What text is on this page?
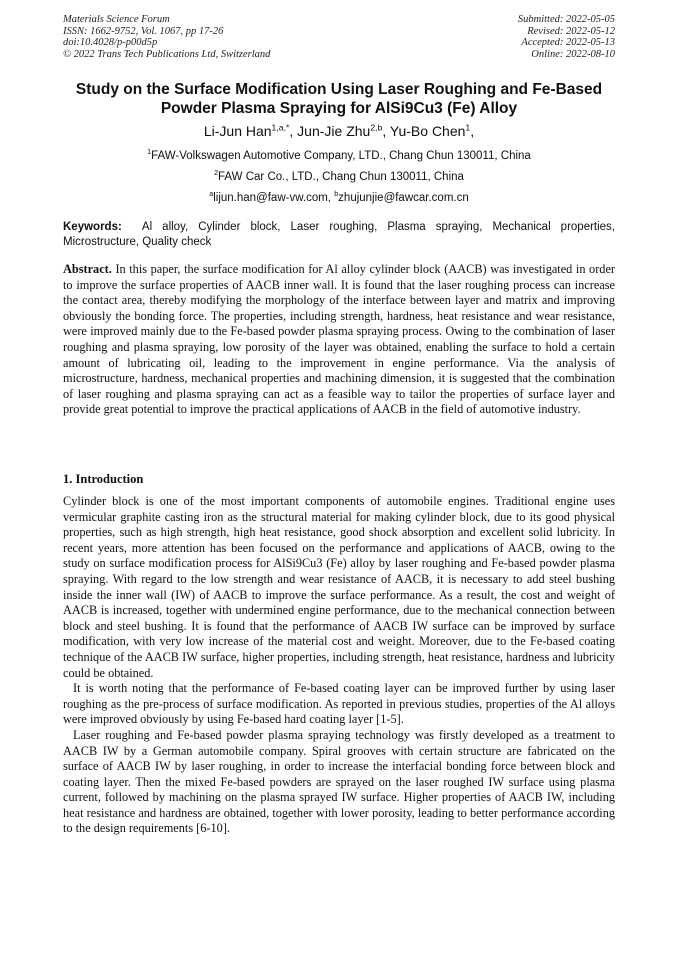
Materials Science Forum
ISSN: 1662-9752, Vol. 1067, pp 17-26
doi:10.4028/p-p00d5p
© 2022 Trans Tech Publications Ltd, Switzerland
Submitted: 2022-05-05
Revised: 2022-05-12
Accepted: 2022-05-13
Online: 2022-08-10
Study on the Surface Modification Using Laser Roughing and Fe-Based
Powder Plasma Spraying for AlSi9Cu3 (Fe) Alloy
Li-Jun Han$^{1,a,*}$, Jun-Jie Zhu$^{2,b}$, Yu-Bo Chen$^1$,
$^1$FAW-Volkswagen Automotive Company, LTD., Chang Chun 130011, China
$^2$FAW Car Co., LTD., Chang Chun 130011, China
$^a$lijun.han@faw-vw.com, $^b$zhujunjie@fawcar.com.cn
Keywords: Al alloy, Cylinder block, Laser roughing, Plasma spraying, Mechanical properties, Microstructure, Quality check
Abstract. In this paper, the surface modification for Al alloy cylinder block (AACB) was investigated in order to improve the surface properties of AACB inner wall. It is found that the laser roughing process can increase the contact area, thereby modifying the morphology of the interface between layer and matrix and improving obviously the bonding force. The properties, including strength, hardness, heat resistance and wear resistance, were improved mainly due to the Fe-based powder plasma spraying process. Owing to the combination of laser roughing and plasma spraying, low porosity of the layer was obtained, enabling the surface to hold a certain amount of lubricating oil, leading to the improvement in engine performance. Via the analysis of microstructure, hardness, mechanical properties and machining dimension, it is suggested that the combination of laser roughing and plasma spraying can act as a feasible way to tailor the properties of surface layer and provide great potential to improve the practical applications of AACB in the field of automotive industry.
1. Introduction

Cylinder block is one of the most important components of automobile engines. Traditional engine uses vermicular graphite casting iron as the structural material for making cylinder block, due to its good physical properties, such as high strength, high heat resistance, good shock absorption and excellent solid lubricity. In recent years, more attention has been focused on the performance and applications of AACB, owing to the study on surface modification process for AlSi9Cu3 (Fe) alloy by laser roughing and Fe-based powder plasma spraying. With regard to the low strength and wear resistance of AACB, it is necessary to add steel bushing inside the inner wall (IW) of AACB to improve the surface performance. As a result, the cost and weight of AACB is increased, together with undermined engine performance, due to the mechanical connection between block and steel bushing. It is found that the performance of AACB IW surface can be improved by surface modification, with very low increase of the material cost and weight. Moreover, due to the Fe-based coating technique of the AACB IW surface, higher properties, including strength, heat resistance, hardness and lubricity could be obtained.

It is worth noting that the performance of Fe-based coating layer can be improved further by using laser roughing as the pre-process of surface modification. As reported in previous studies, properties of the Al alloys were improved obviously by using Fe-based hard coating layer [1-5].

Laser roughing and Fe-based powder plasma spraying technology was firstly developed as a treatment to AACB IW by a German automobile company. Spiral grooves with certain structure are fabricated on the surface of AACB IW by laser roughing, in order to increase the interfacial bonding force between block and coating layer. Then the mixed Fe-based powders are sprayed on the laser roughed IW surface using plasma current, followed by machining on the plasma sprayed IW surface. Higher properties of AACB IW, including heat resistance and hardness are obtained, together with lower porosity, leading to better performance according to the design requirements [6-10].
